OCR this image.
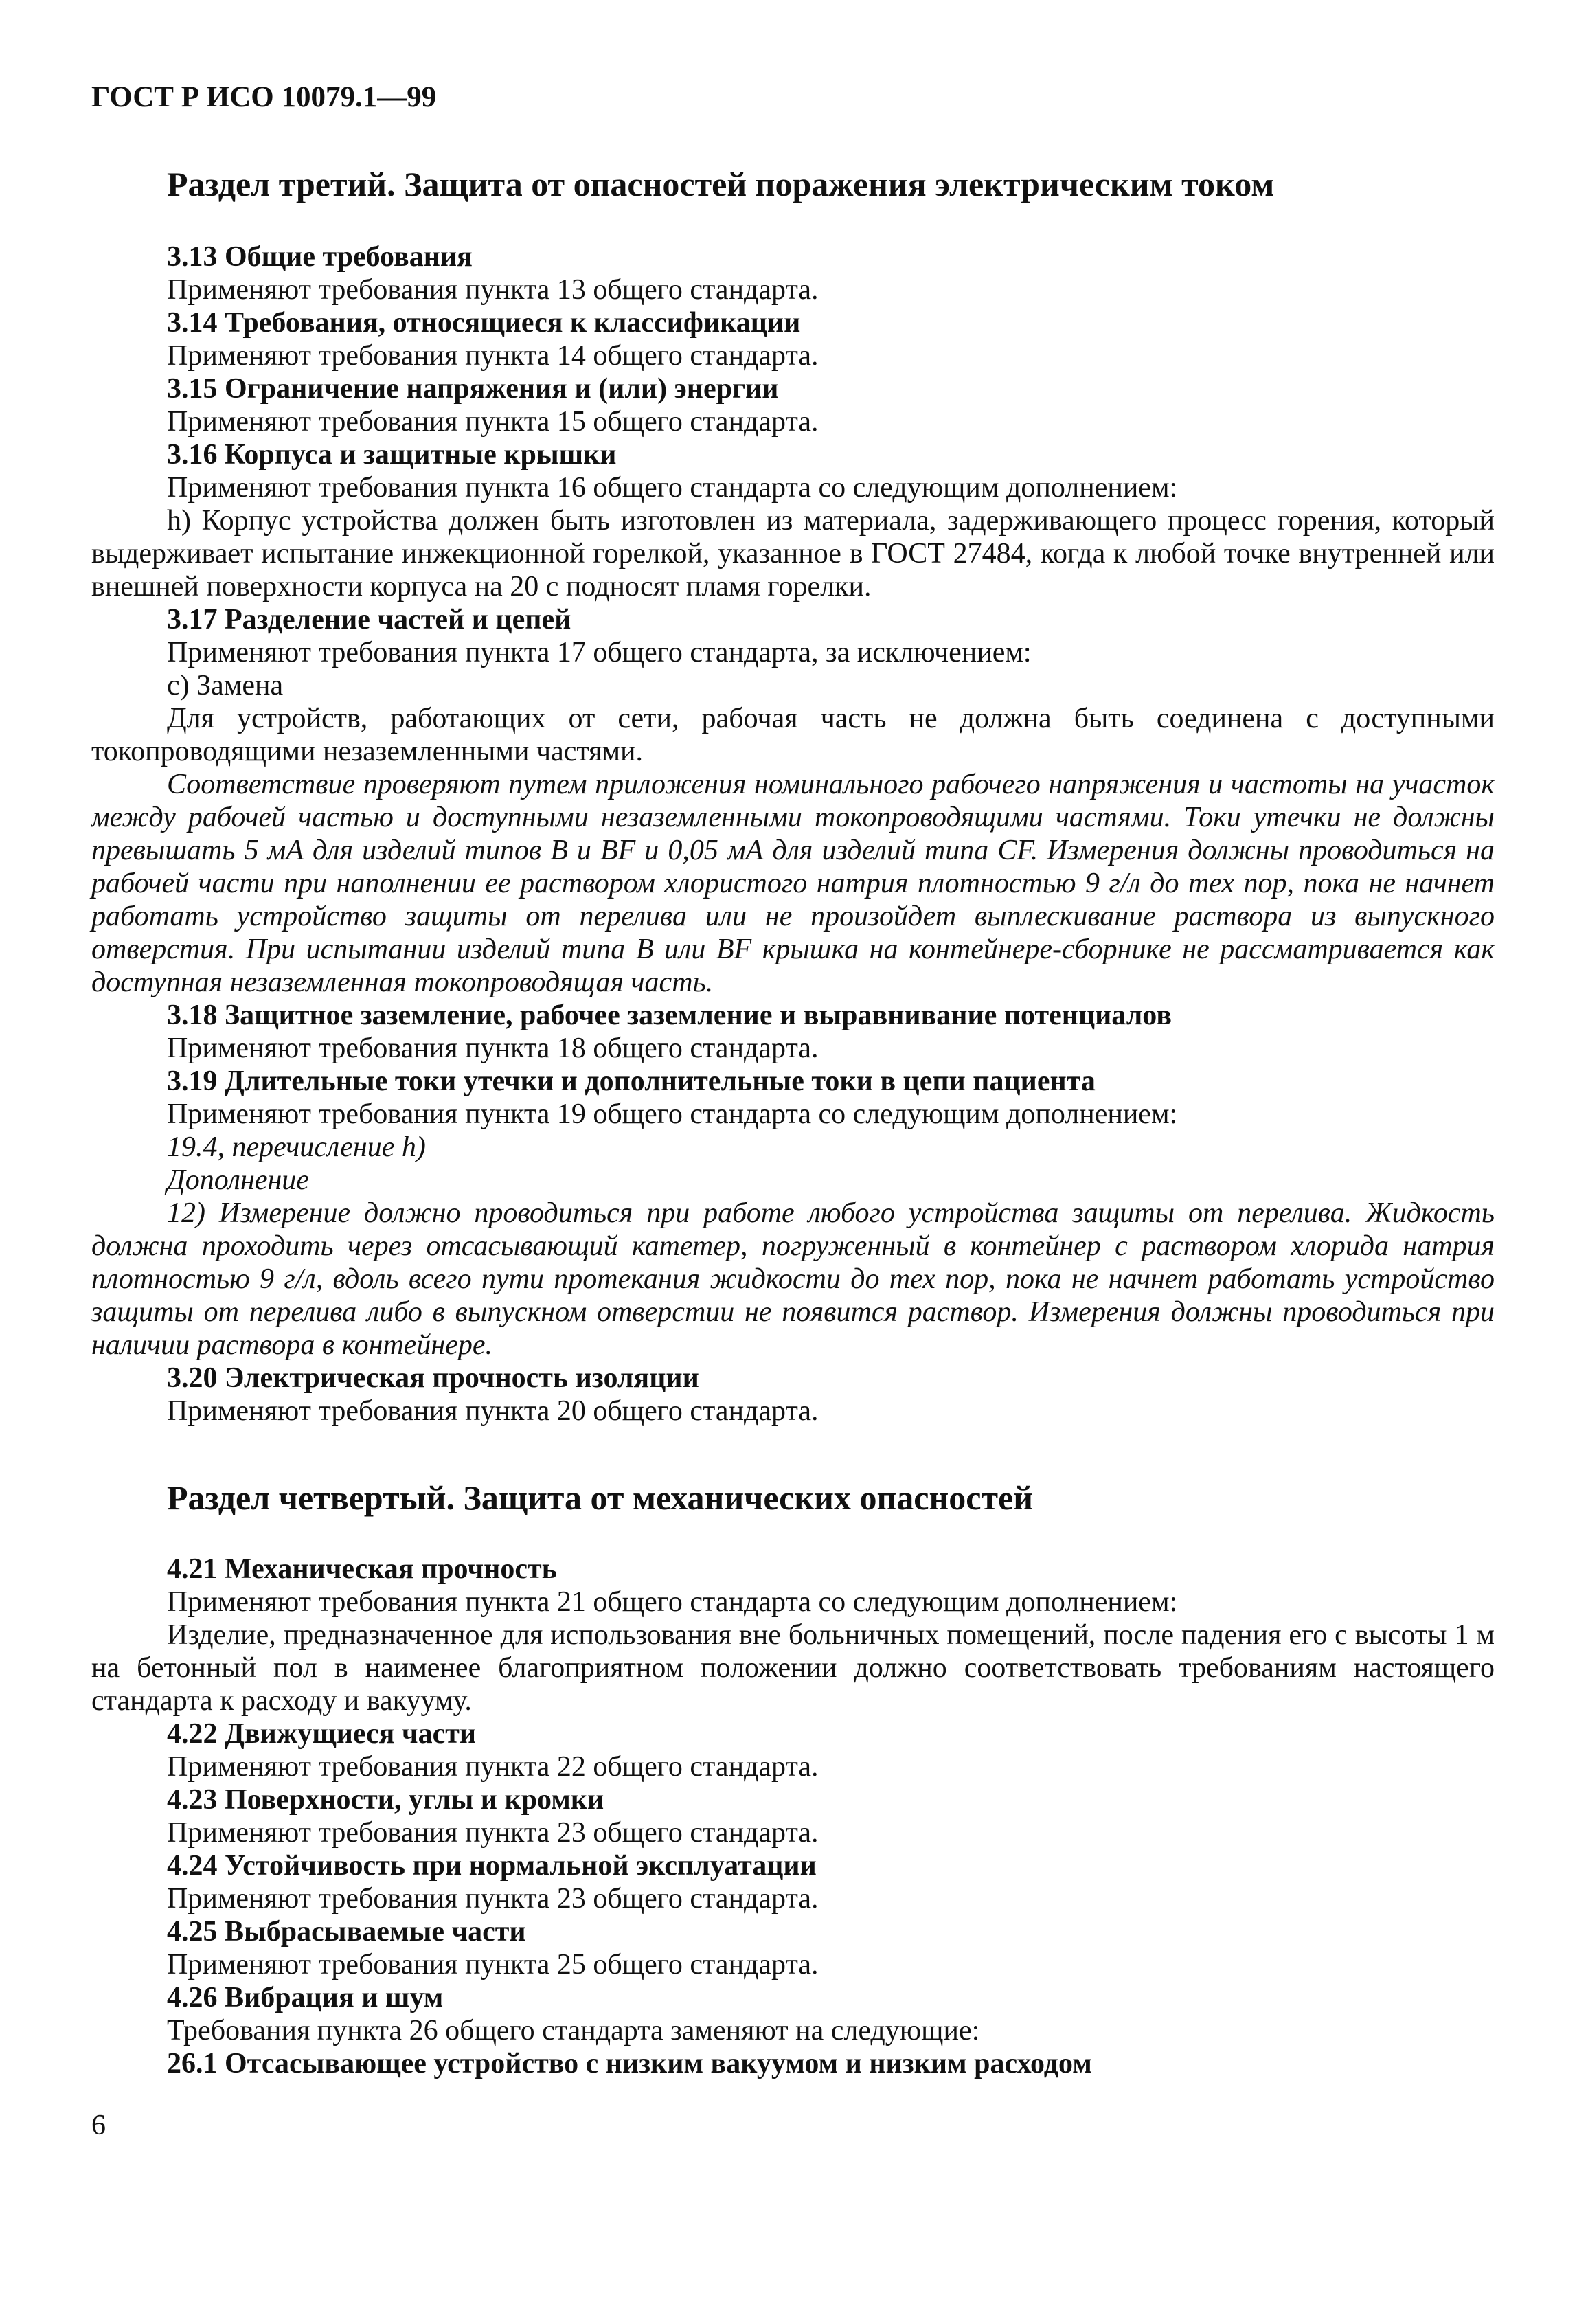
ГОСТ Р ИСО 10079.1—99
Раздел третий. Защита от опасностей поражения электрическим током
3.13 Общие требования
Применяют требования пункта 13 общего стандарта.
3.14 Требования, относящиеся к классификации
Применяют требования пункта 14 общего стандарта.
3.15 Ограничение напряжения и (или) энергии
Применяют требования пункта 15 общего стандарта.
3.16 Корпуса и защитные крышки
Применяют требования пункта 16 общего стандарта со следующим дополнением:
h) Корпус устройства должен быть изготовлен из материала, задерживающего процесс горения, который выдерживает испытание инжекционной горелкой, указанное в ГОСТ 27484, когда к любой точке внутренней или внешней поверхности корпуса на 20 с подносят пламя горелки.
3.17 Разделение частей и цепей
Применяют требования пункта 17 общего стандарта, за исключением:
c) Замена
Для устройств, работающих от сети, рабочая часть не должна быть соединена с доступными токопроводящими незаземленными частями.
Соответствие проверяют путем приложения номинального рабочего напряжения и частоты на участок между рабочей частью и доступными незаземленными токопроводящими частями. Токи утечки не должны превышать 5 мА для изделий типов B и BF и 0,05 мА для изделий типа CF. Измерения должны проводиться на рабочей части при наполнении ее раствором хлористого натрия плотностью 9 г/л до тех пор, пока не начнет работать устройство защиты от перелива или не произойдет выплескивание раствора из выпускного отверстия. При испытании изделий типа B или BF крышка на контейнере-сборнике не рассматривается как доступная незаземленная токопроводящая часть.
3.18 Защитное заземление, рабочее заземление и выравнивание потенциалов
Применяют требования пункта 18 общего стандарта.
3.19 Длительные токи утечки и дополнительные токи в цепи пациента
Применяют требования пункта 19 общего стандарта со следующим дополнением:
19.4, перечисление h)
Дополнение
12) Измерение должно проводиться при работе любого устройства защиты от перелива. Жидкость должна проходить через отсасывающий катетер, погруженный в контейнер с раствором хлорида натрия плотностью 9 г/л, вдоль всего пути протекания жидкости до тех пор, пока не начнет работать устройство защиты от перелива либо в выпускном отверстии не появится раствор. Измерения должны проводиться при наличии раствора в контейнере.
3.20 Электрическая прочность изоляции
Применяют требования пункта 20 общего стандарта.
Раздел четвертый. Защита от механических опасностей
4.21 Механическая прочность
Применяют требования пункта 21 общего стандарта со следующим дополнением:
Изделие, предназначенное для использования вне больничных помещений, после падения его с высоты 1 м на бетонный пол в наименее благоприятном положении должно соответствовать требованиям настоящего стандарта к расходу и вакууму.
4.22 Движущиеся части
Применяют требования пункта 22 общего стандарта.
4.23 Поверхности, углы и кромки
Применяют требования пункта 23 общего стандарта.
4.24 Устойчивость при нормальной эксплуатации
Применяют требования пункта 23 общего стандарта.
4.25 Выбрасываемые части
Применяют требования пункта 25 общего стандарта.
4.26 Вибрация и шум
Требования пункта 26 общего стандарта заменяют на следующие:
26.1 Отсасывающее устройство с низким вакуумом и низким расходом
6
